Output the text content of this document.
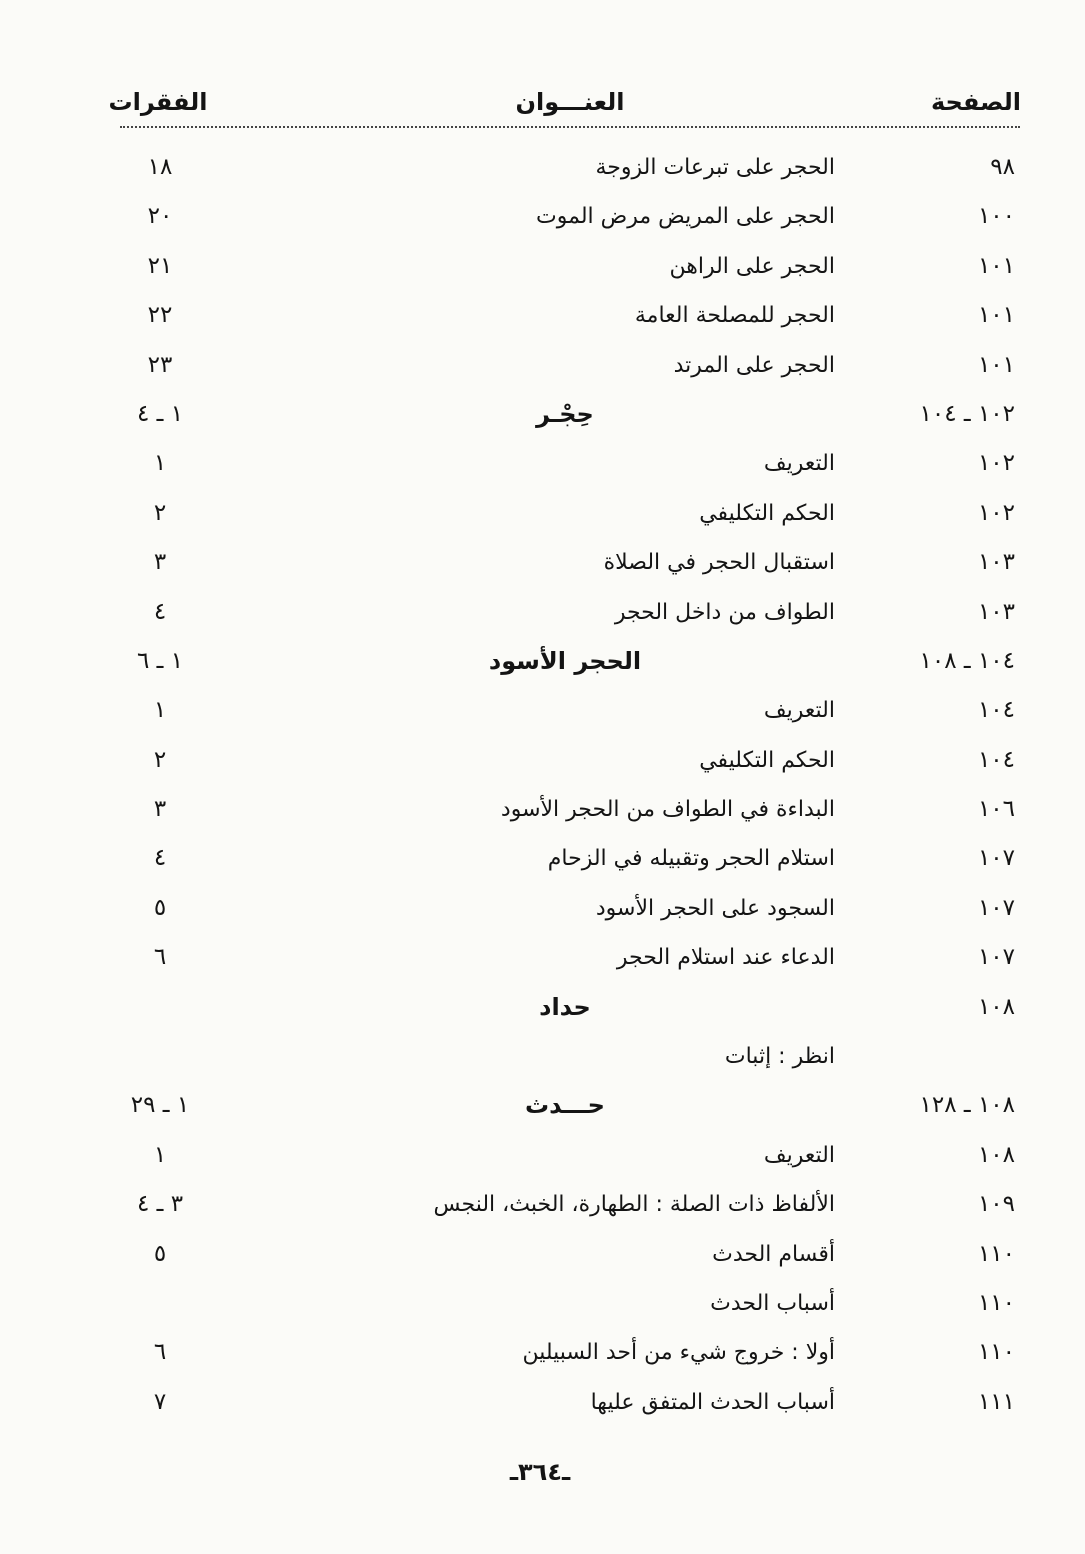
الصفحة
العنـــوان
الفقرات
٩٨
الحجر على تبرعات الزوجة
١٨
١٠٠
الحجر على المريض مرض الموت
٢٠
١٠١
الحجر على الراهن
٢١
١٠١
الحجر للمصلحة العامة
٢٢
١٠١
الحجر على المرتد
٢٣
١٠٢ ـ ١٠٤
حِجْـر
١ ـ ٤
١٠٢
التعريف
١
١٠٢
الحكم التكليفي
٢
١٠٣
استقبال الحجر في الصلاة
٣
١٠٣
الطواف من داخل الحجر
٤
١٠٤ ـ ١٠٨
الحجر الأسود
١ ـ ٦
١٠٤
التعريف
١
١٠٤
الحكم التكليفي
٢
١٠٦
البداءة في الطواف من الحجر الأسود
٣
١٠٧
استلام الحجر وتقبيله في الزحام
٤
١٠٧
السجود على الحجر الأسود
٥
١٠٧
الدعاء عند استلام الحجر
٦
١٠٨
حداد
انظر : إثبات
١٠٨ ـ ١٢٨
حـــدث
١ ـ ٢٩
١٠٨
التعريف
١
١٠٩
الألفاظ ذات الصلة : الطهارة، الخبث، النجس
٣ ـ ٤
١١٠
أقسام الحدث
٥
١١٠
أسباب الحدث
١١٠
أولا : خروج شيء من أحد السبيلين
٦
١١١
أسباب الحدث المتفق عليها
٧
ـ٣٦٤ـ
